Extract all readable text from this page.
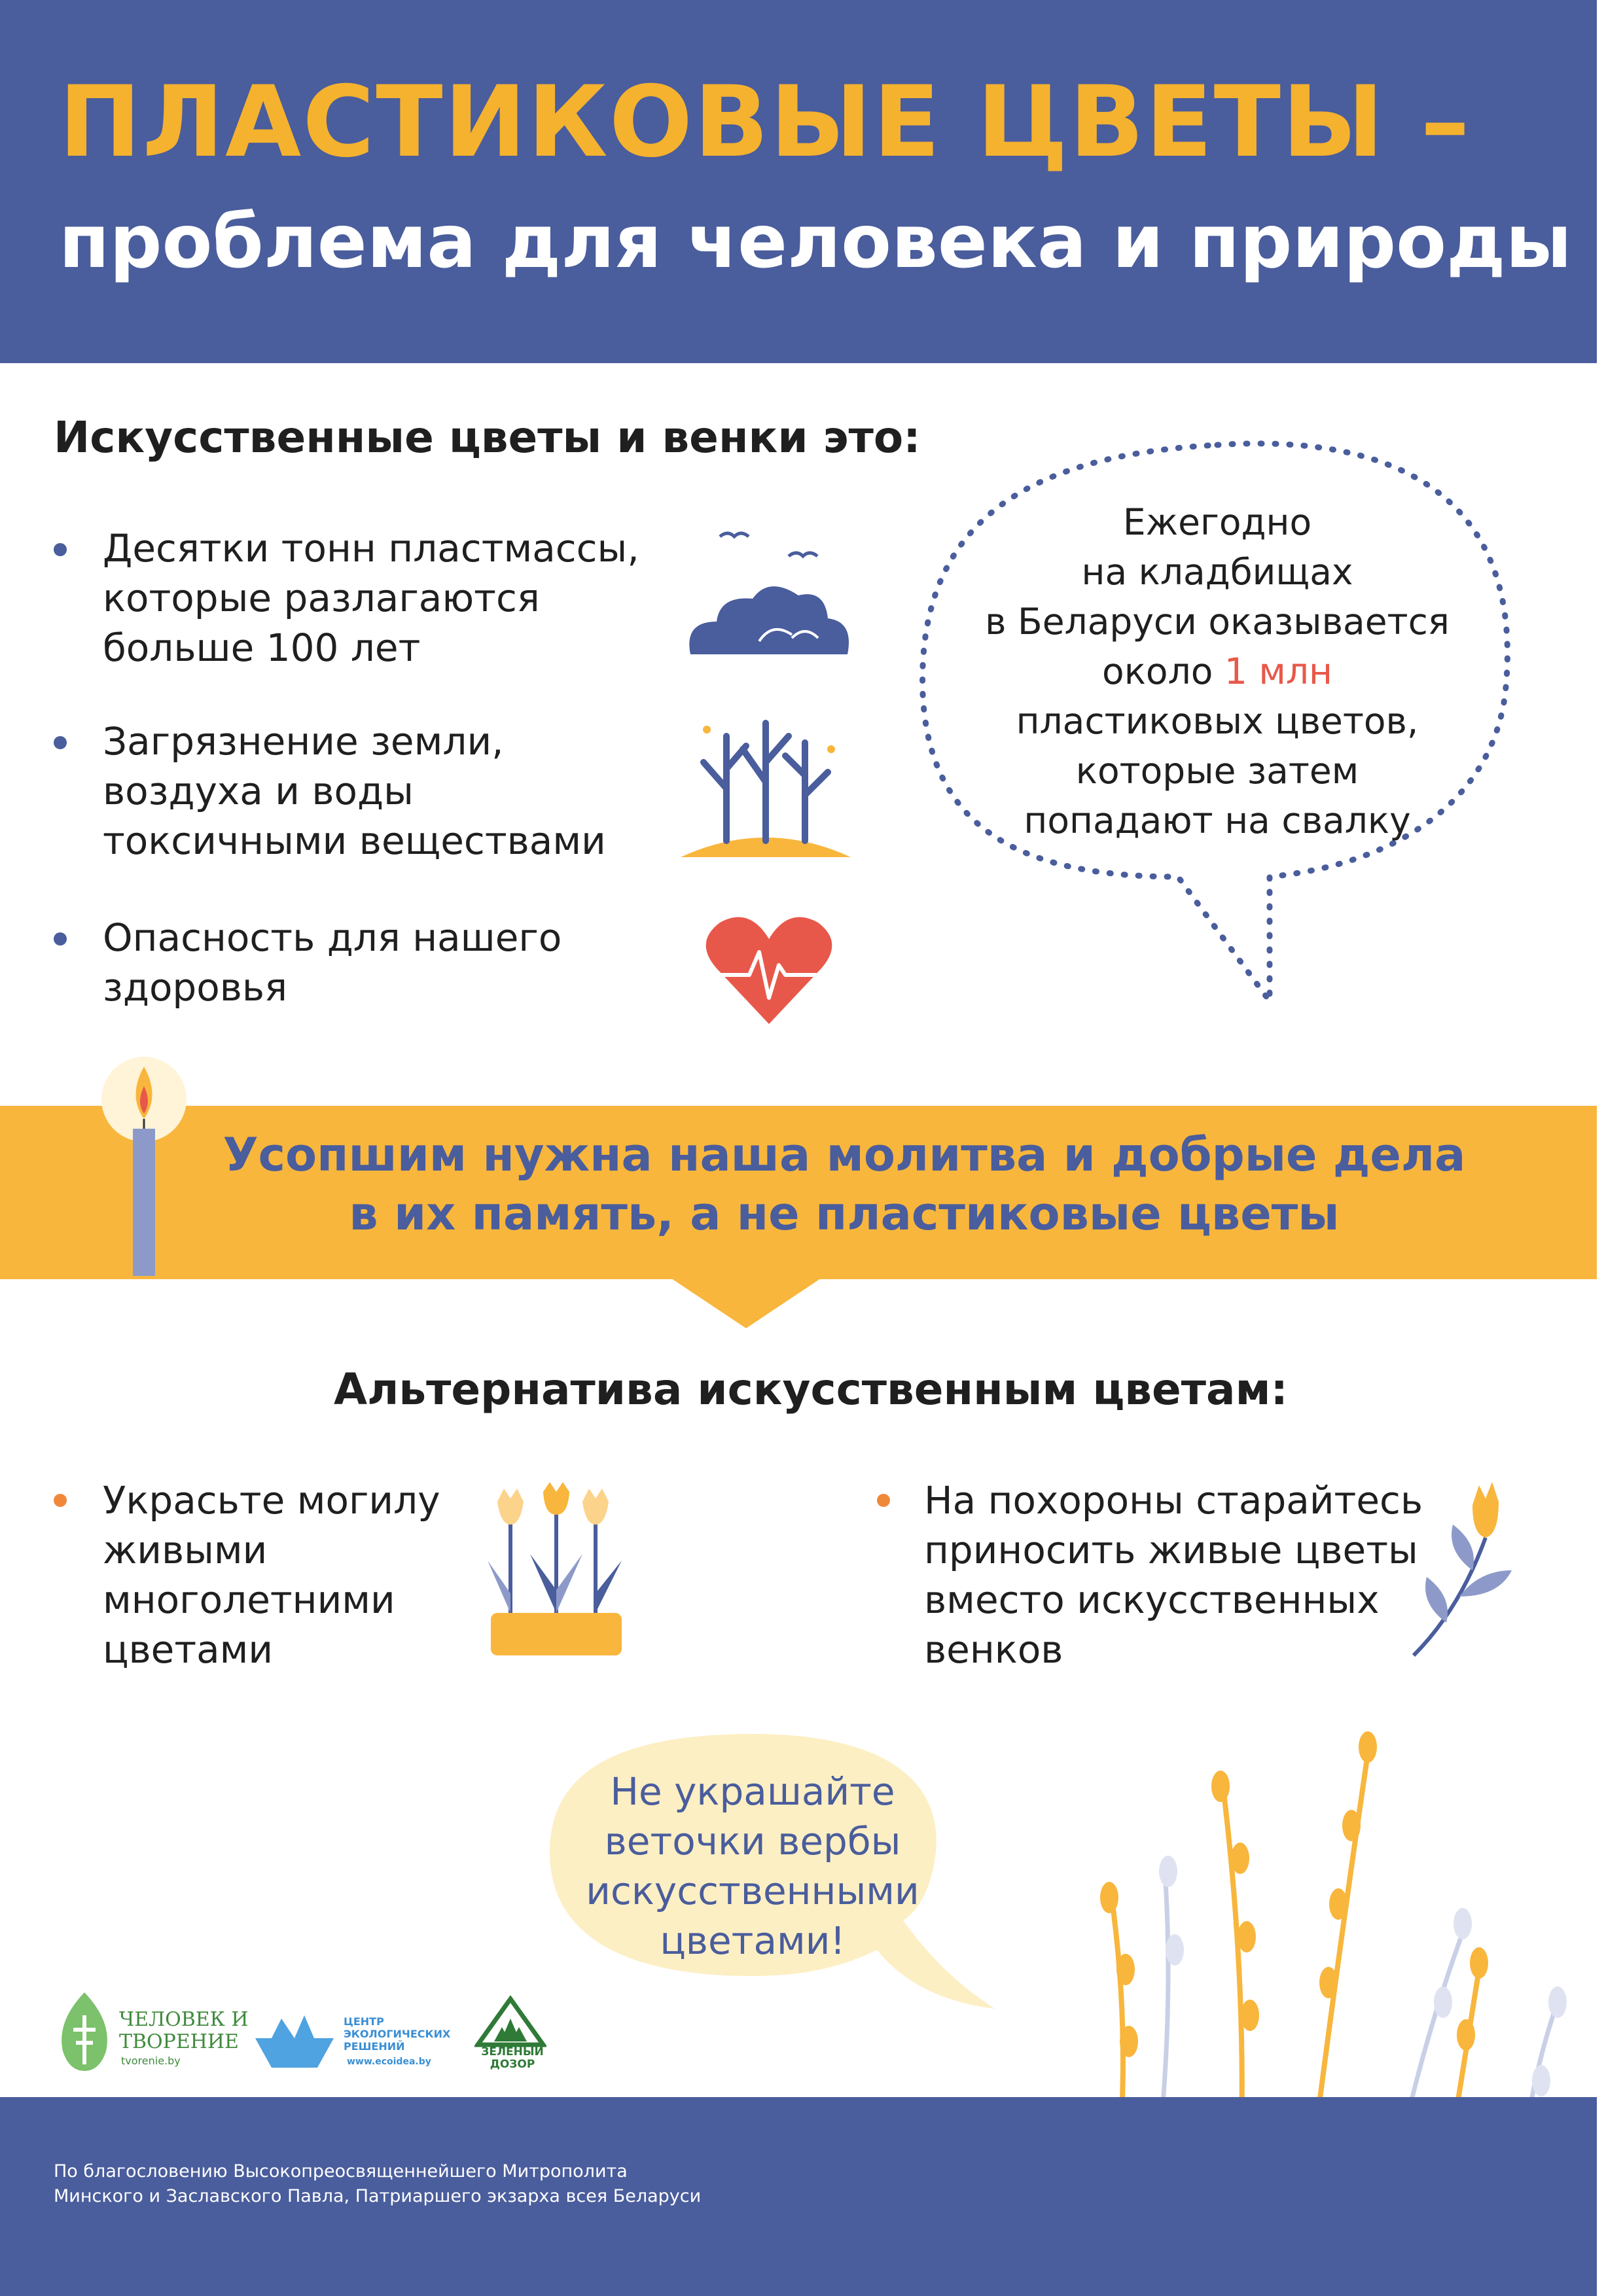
ПЛАСТИКОВЫЕ ЦВЕТЫ –
проблема для человека и природы
Искусственные цветы и венки это:
Десятки тонн пластмассы,
которые разлагаются
больше 100 лет
Загрязнение земли,
воздуха и воды
токсичными веществами
Опасность для нашего
здоровья
Ежегодно
на кладбищах
в Беларуси оказывается
около 1 млн
пластиковых цветов,
которые затем
попадают на свалку
Усопшим нужна наша молитва и добрые дела
в их память, а не пластиковые цветы
Альтернатива искусственным цветам:
Украсьте могилу
живыми
многолетними
цветами
На похороны старайтесь
приносить живые цветы
вместо искусственных
венков
Не украшайте
веточки вербы
искусственными
цветами!
По благословению Высокопреосвященнейшего Митрополита
Минского и Заславского Павла, Патриаршего экзарха всея Беларуси
ЧЕЛОВЕК И
ТВОРЕНИЕ
tvorenie.by
ЦЕНТР
ЭКОЛОГИЧЕСКИХ
РЕШЕНИЙ
www.ecoidea.by
ЗЕЛЕНЫЙ
ДОЗОР
